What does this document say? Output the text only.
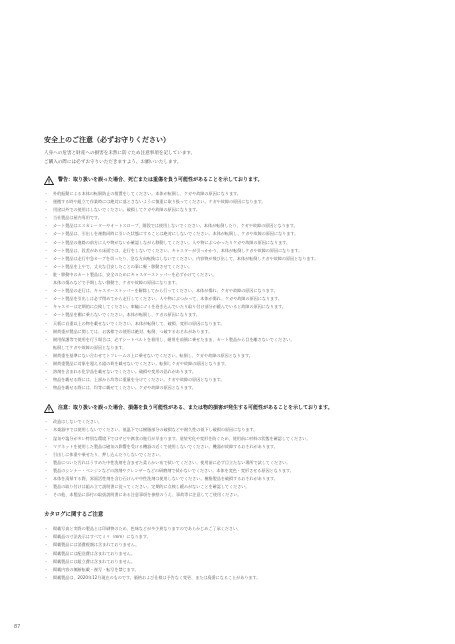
安全上のご注意（必ずお守りください）

人身への危害と財産への損害を未然に防ぐため注意事項を記しています。

ご購入の際には必ずお守りいただきますよう、お願いいたします。

警告：取り扱いを誤った場合、死亡または重傷を負う可能性があることを示しております。
・ 外的振動による本体の転倒防止の措置をしてください。本体が転倒し、ケガや故障の原因になります。
・ 運搬する時や組立て作業時には絶対に落とさないように慎重に取り扱ってください。ケガや故障の原因になります。
・ 用途以外での使用はしないでください。破損してケガや故障の原因になります。
・ 当社製品は屋内専用です。
・ カート製品はエスカレーターやオートスロープ、階段では使用しないでください。本体が転倒したり、ケガや故障の原因となります。
・ カート製品は、引出しを複数同時に引いた状態にすることは絶対にしないでください。本体が転倒し、ケガや故障の原因になります。
・ カート製品の進路の前方に人や物がないか確認しながら移動してください。人や物にぶつかったりケガや故障の原因になります。
・ カート製品は、段差がある床面では、走行をしないでください。キャスターが引っかかり、本体が転倒しケガや故障の原因になります。
・ カート製品は走行中急カーブを切ったり、急な方向転換はしないでください。内容物が飛び出して、本体が転倒しケガや故障の原因となります。
・ カート製品を上やで、丈夫な目安したことの事に軽・移動させてください。
・ 駐・移動中のカート製品は、安全のためにキャスターストッパーを必ずかけてください。
本体の傷みなどで予期しない移動で、ケガや故障の原因になります。
・ カート製品の走行は、キャスターストッパーを解除してから行ってください。本体が傷れ、ケガや故障の原因になります。
・ カート製品を引出しは必ず閉めてから走行してください。人や物にぶつかって、本体が傷れ、ケガや故障の原因になります。
・ キャスターは定期的に点検してください。車輪にゴミを巻き込んでいたり取り付け部分が緩んでいると故障の原因になります。
・ カート製品を棚に乗らないでください。本体が転倒し、ケガの原因になります。
・ 天板に自重以上の物を載せないでください。本体が転倒して、破損、変形の原因になります。
・ 耐荷重が製品に関しては、お客様での使用は絶対、転倒、つ破するおそれがあります。
・ 耐用保護等で使用を行う場合は、必ずシートベルトを着用し、耐用を前倒に乗せたまま、カート製品から目を離さないでください。
転倒してケガや故障の原因となります。
・ 耐荷重を基準にない合わせてトフレームの上に乗せないでください。転倒し、ケガや故障の原因となります。
・ 耐荷重製品に対象を超える組の荷を載せないでください。転倒しケガや故障の原因となります。
・ 溶剤を含まれる化学品を載せないでください。破損や変形の恐れがあります。
・ 物品を載せる際には、上部から均等に重量を分けてください。ケガや故障の原因となります。
・ 物品を載せる際には、均等に載せてください。ケガや故障の原因となります。
注意：取り扱いを誤った場合、損傷を負う可能性がある、または物的損害が発生する可能性があることを示しております。
・ 改造はしないでください。
・ 木楽器中では使用しないでください。低温下では樹脂部分の破損などや耐久性の低下し破損の原因になります。
・ 湿気や塩分が多い特別な環境下ではサビや腐食の進行が早まります。塗装劣化や変形を防ぐため、使用前に材料の状態を確認してください。
・ マグネットを使用した製品は磁気の影響を受ける機器の近くで使用しないでください。機器が故障するおそれがあります。
・ 引出しに体重や乗せたり、押し込んだりしないでください。
・ 製品についた汚れはうすめた中性洗剤を含ませた柔らかい布で拭いてください。使用前に必ず目立たない場所で試してください。
・ 製品のシンナー・ベンジンなどの溶剤やクレンザーなどの研磨剤で拭かないでください。本体を変色・変形させる原因となります。
・ 本体を清掃する際、界面活性剤を含む石けんや中性洗剤は使用しないでください。樹脂製品を破損するおそれがあります。
・ 製品の取り付けは組み立て説明書に従ってください。定期的に点検し緩みがないことを確認してください。
・ その他、本製品に添付の取扱説明書にある注意事項を参照のうえ、事故等に注意してご使用ください。
カタログに関するご注意
・ 掲載写真と実際の製品とは印刷物のため、色味などが多少異なりますのであらかじめご了承ください。
・ 掲載品の寸法表示はすべてミリ（mm）になります。
・ 掲載製品には消費税額は含まれておりません。
・ 掲載製品には配送費は含まれておりません。
・ 掲載製品には組立費は含まれておりません。
・ 掲載内容の無断転載・複写・転写を禁じます。
・ 掲載製品は、2020年12月現在のものです。価格および仕様は予告なく変更、または廃番になることがあります。
87
